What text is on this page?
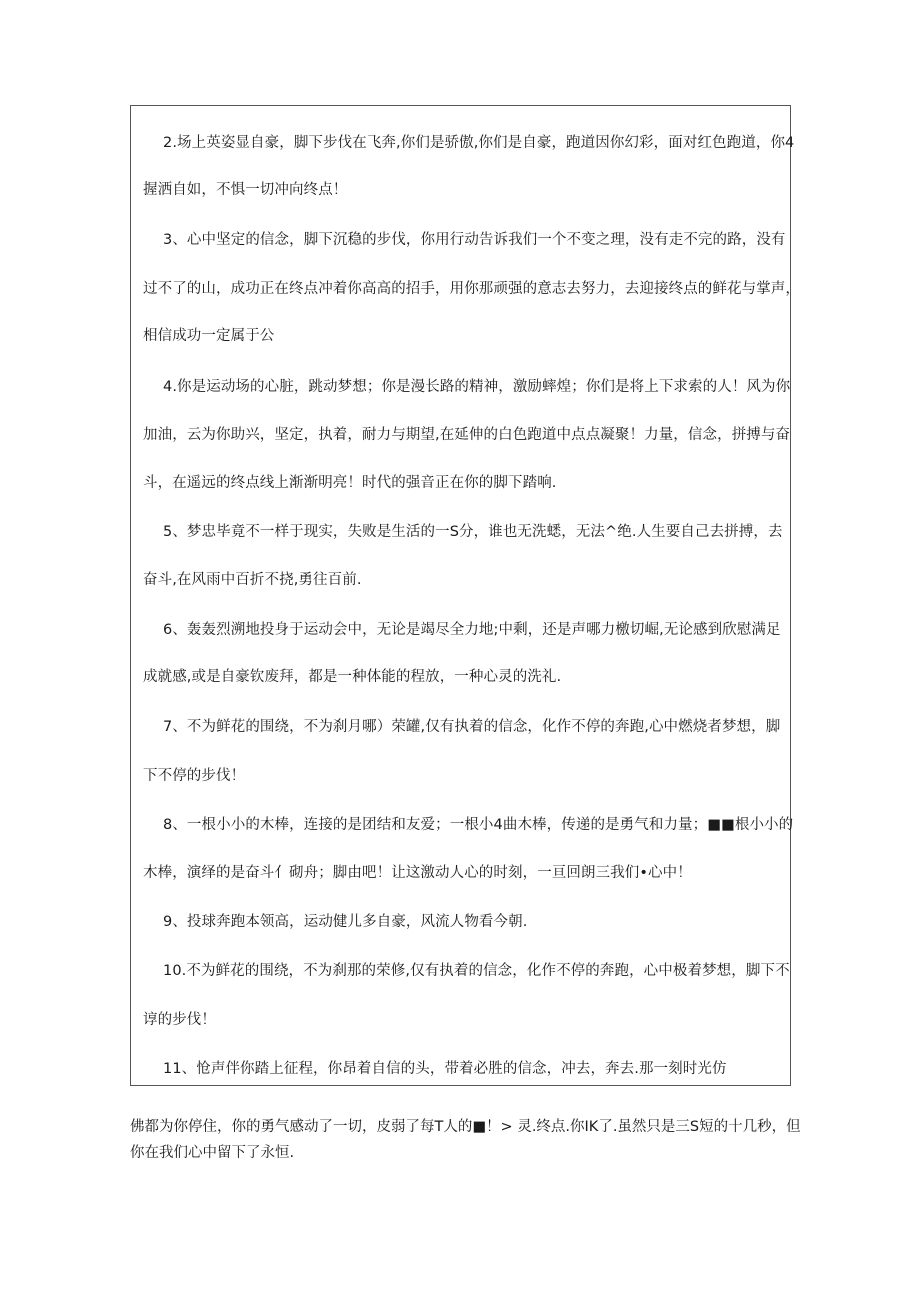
2.场上英姿显自豪，脚下步伐在飞奔,你们是骄傲,你们是自豪，跑道因你幻彩，面对红色跑道，你4
握洒自如，不惧一切冲向终点！
3、心中坚定的信念，脚下沉稳的步伐，你用行动告诉我们一个不变之理，没有走不完的路，没有
过不了的山，成功正在终点冲着你高高的招手，用你那顽强的意志去努力，去迎接终点的鲜花与掌声，
相信成功一定属于公
4.你是运动场的心脏，跳动梦想；你是漫长路的精神，激励蟀煌；你们是将上下求索的人！风为你
加油，云为你助兴，坚定，执着，耐力与期望,在延伸的白色跑道中点点凝聚！力量，信念，拼搏与奋
斗，在遥远的终点线上渐渐明亮！时代的强音正在你的脚下踏响.
5、梦忠毕竟不一样于现实，失败是生活的一S分，谁也无洗蟋，无法^绝.人生要自己去拼搏，去
奋斗,在风雨中百折不挠,勇往百前.
6、轰轰烈溯地投身于运动会中，无论是竭尽全力地;中剩，还是声哪力檄切崛,无论感到欣慰满足
成就感,或是自豪钦废拜，都是一种体能的程放，一种心灵的洗礼.
7、不为鲜花的围绕，不为刹月哪）荣罐,仅有执着的信念，化作不停的奔跑,心中燃烧者梦想，脚
下不停的步伐！
8、一根小小的木棒，连接的是团结和友爱；一根小4曲木棒，传递的是勇气和力量；■■根小小的
木棒，演绎的是奋斗亻砌舟；脚由吧！让这激动人心的时刻，一亘回朗三我们•心中！
9、投球奔跑本领高，运动健儿多自豪，风流人物看今朝.
10.不为鲜花的围绕，不为刹那的荣修,仅有执着的信念，化作不停的奔跑，心中极着梦想，脚下不
谆的步伐！
11、怆声伴你踏上征程，你昂着自信的头，带着必胜的信念，冲去，奔去.那一刻时光仿
佛都为你停住，你的勇气感动了一切，皮弱了每T人的■！> 灵.终点.你IK了.虽然只是三S短的十几秒，但
你在我们心中留下了永恒.
